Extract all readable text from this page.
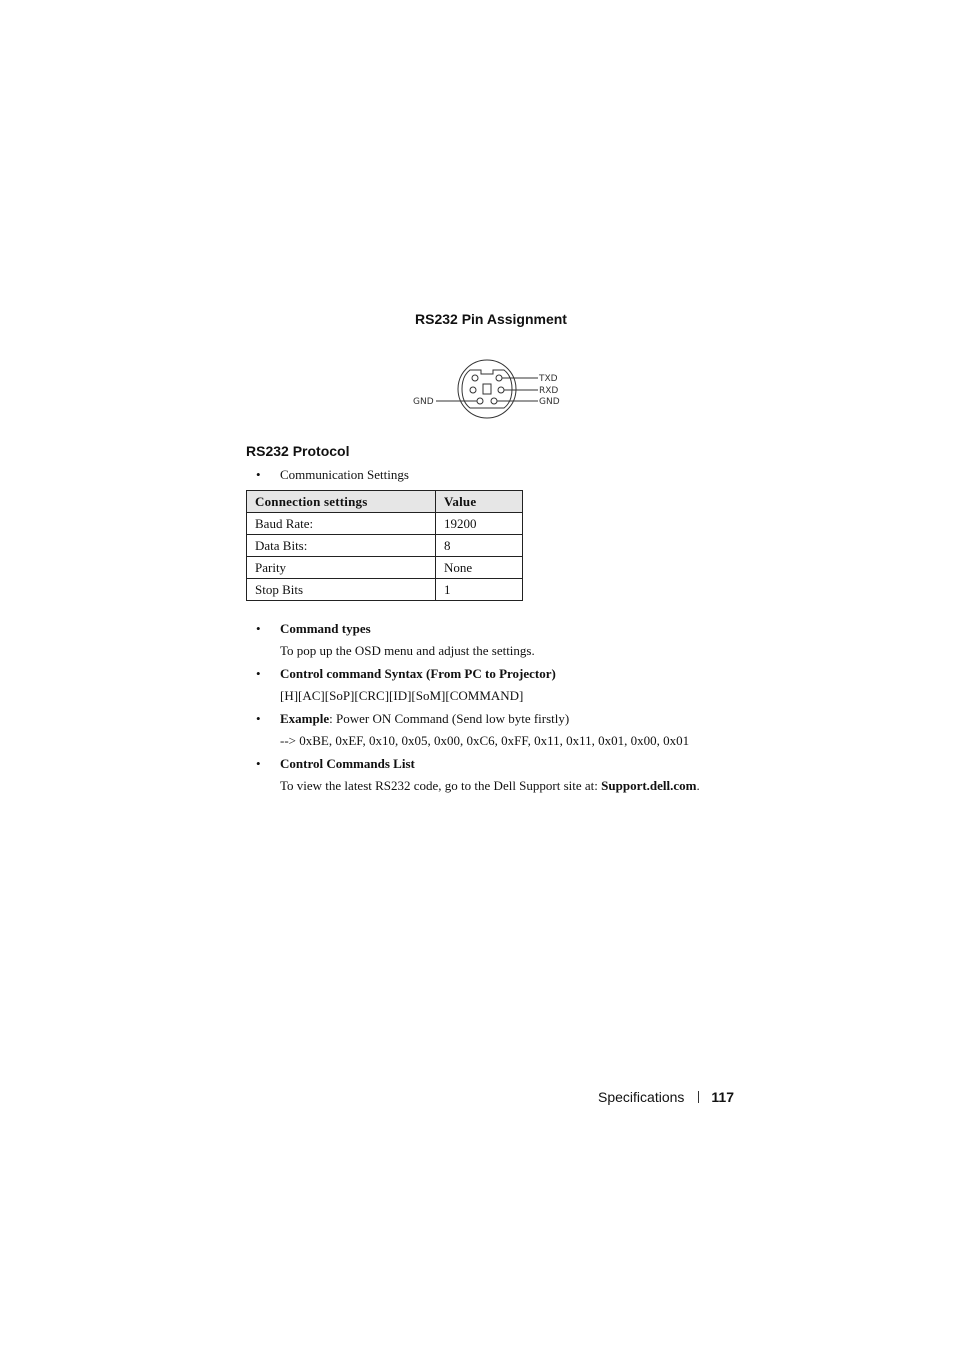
RS232 Pin Assignment
TXD
RXD
GND
GND
RS232 Protocol
• Communication Settings
Connection settings	Value
Baud Rate:	19200
Data Bits:	8
Parity	None
Stop Bits	1
• Command types
To pop up the OSD menu and adjust the settings.
• Control command Syntax (From PC to Projector)
[H][AC][SoP][CRC][ID][SoM][COMMAND]
• Example: Power ON Command (Send low byte firstly)
--> 0xBE, 0xEF, 0x10, 0x05, 0x00, 0xC6, 0xFF, 0x11, 0x11, 0x01, 0x00, 0x01
• Control Commands List
To view the latest RS232 code, go to the Dell Support site at: Support.dell.com.
Specifications 117
